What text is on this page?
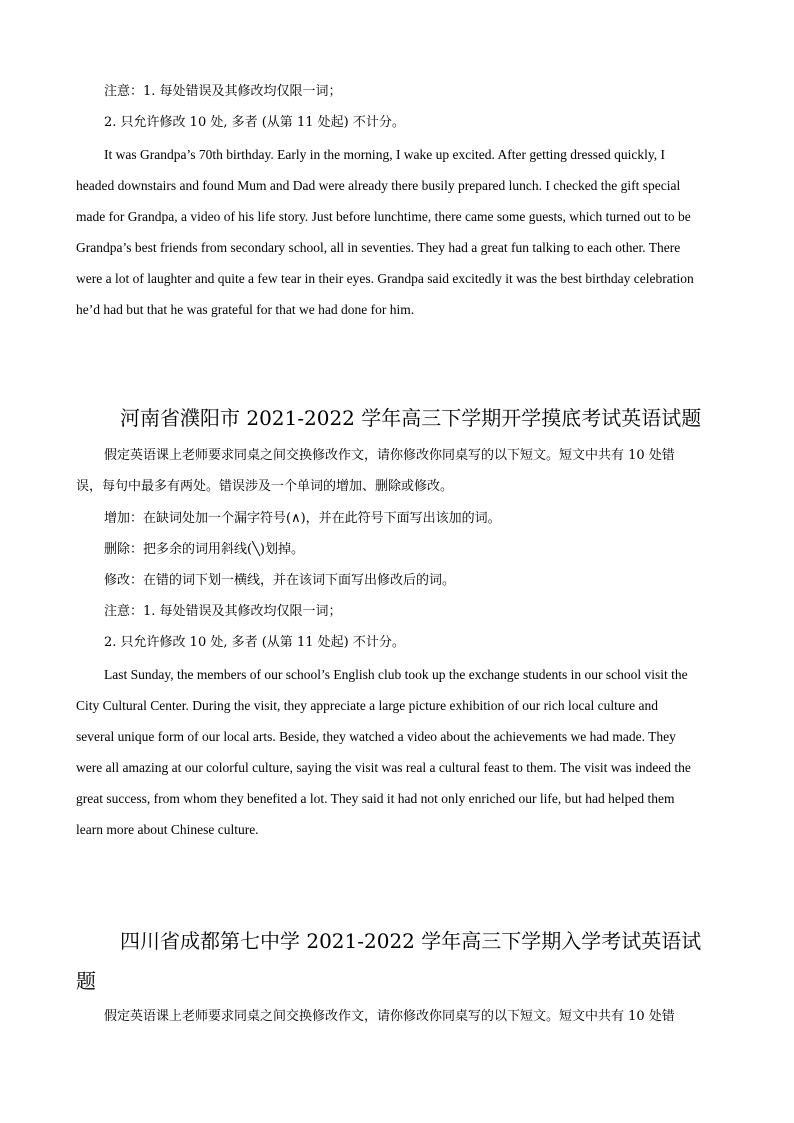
注意：1. 每处错误及其修改均仅限一词；
2. 只允许修改 10 处, 多者 (从第 11 处起) 不计分。
It was Grandpa’s 70th birthday. Early in the morning, I wake up excited. After getting dressed quickly, I
headed downstairs and found Mum and Dad were already there busily prepared lunch. I checked the gift special
made for Grandpa, a video of his life story. Just before lunchtime, there came some guests, which turned out to be
Grandpa’s best friends from secondary school, all in seventies. They had a great fun talking to each other. There
were a lot of laughter and quite a few tear in their eyes. Grandpa said excitedly it was the best birthday celebration
he’d had but that he was grateful for that we had done for him.
河南省濮阳市 2021-2022 学年高三下学期开学摸底考试英语试题
假定英语课上老师要求同桌之间交换修改作文，请你修改你同桌写的以下短文。短文中共有 10 处错
误，每句中最多有两处。错误涉及一个单词的增加、删除或修改。
增加：在缺词处加一个漏字符号(∧)，并在此符号下面写出该加的词。
删除：把多余的词用斜线(╲)划掉。
修改：在错的词下划一横线，并在该词下面写出修改后的词。
注意：1. 每处错误及其修改均仅限一词；
2. 只允许修改 10 处, 多者 (从第 11 处起) 不计分。
Last Sunday, the members of our school’s English club took up the exchange students in our school visit the
City Cultural Center. During the visit, they appreciate a large picture exhibition of our rich local culture and
several unique form of our local arts. Beside, they watched a video about the achievements we had made. They
were all amazing at our colorful culture, saying the visit was real a cultural feast to them. The visit was indeed the
great success, from whom they benefited a lot. They said it had not only enriched our life, but had helped them
learn more about Chinese culture.
四川省成都第七中学 2021-2022 学年高三下学期入学考试英语试
题
假定英语课上老师要求同桌之间交换修改作文，请你修改你同桌写的以下短文。短文中共有 10 处错
